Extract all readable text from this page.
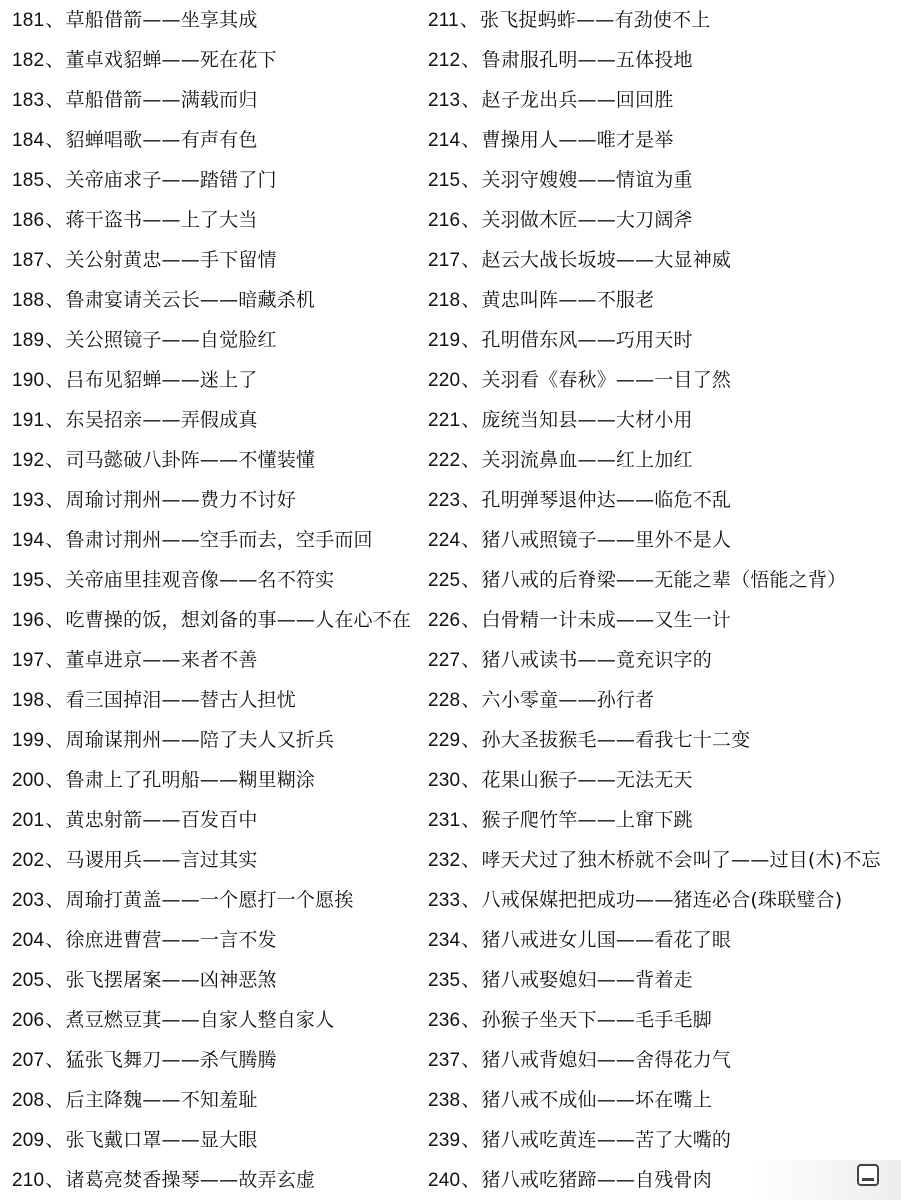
181、草船借箭——坐享其成
182、董卓戏貂蝉——死在花下
183、草船借箭——满载而归
184、貂蝉唱歌——有声有色
185、关帝庙求子——踏错了门
186、蒋干盗书——上了大当
187、关公射黄忠——手下留情
188、鲁肃宴请关云长——暗藏杀机
189、关公照镜子——自觉脸红
190、吕布见貂蝉——迷上了
191、东吴招亲——弄假成真
192、司马懿破八卦阵——不懂装懂
193、周瑜讨荆州——费力不讨好
194、鲁肃讨荆州——空手而去，空手而回
195、关帝庙里挂观音像——名不符实
196、吃曹操的饭，想刘备的事——人在心不在
197、董卓进京——来者不善
198、看三国掉泪——替古人担忧
199、周瑜谋荆州——陪了夫人又折兵
200、鲁肃上了孔明船——糊里糊涂
201、黄忠射箭——百发百中
202、马谡用兵——言过其实
203、周瑜打黄盖——一个愿打一个愿挨
204、徐庶进曹营——一言不发
205、张飞摆屠案——凶神恶煞
206、煮豆燃豆萁——自家人整自家人
207、猛张飞舞刀——杀气腾腾
208、后主降魏——不知羞耻
209、张飞戴口罩——显大眼
210、诸葛亮焚香操琴——故弄玄虚
211、张飞捉蚂蚱——有劲使不上
212、鲁肃服孔明——五体投地
213、赵子龙出兵——回回胜
214、曹操用人——唯才是举
215、关羽守嫂嫂——情谊为重
216、关羽做木匠——大刀阔斧
217、赵云大战长坂坡——大显神威
218、黄忠叫阵——不服老
219、孔明借东风——巧用天时
220、关羽看《春秋》——一目了然
221、庞统当知县——大材小用
222、关羽流鼻血——红上加红
223、孔明弹琴退仲达——临危不乱
224、猪八戒照镜子——里外不是人
225、猪八戒的后脊梁——无能之辈（悟能之背）
226、白骨精一计未成——又生一计
227、猪八戒读书——竟充识字的
228、六小零童——孙行者
229、孙大圣拔猴毛——看我七十二变
230、花果山猴子——无法无天
231、猴子爬竹竿——上窜下跳
232、哮天犬过了独木桥就不会叫了——过目(木)不忘
233、八戒保媒把把成功——猪连必合(珠联璧合)
234、猪八戒进女儿国——看花了眼
235、猪八戒娶媳妇——背着走
236、孙猴子坐天下——毛手毛脚
237、猪八戒背媳妇——舍得花力气
238、猪八戒不成仙——坏在嘴上
239、猪八戒吃黄连——苦了大嘴的
240、猪八戒吃猪蹄——自残骨肉
